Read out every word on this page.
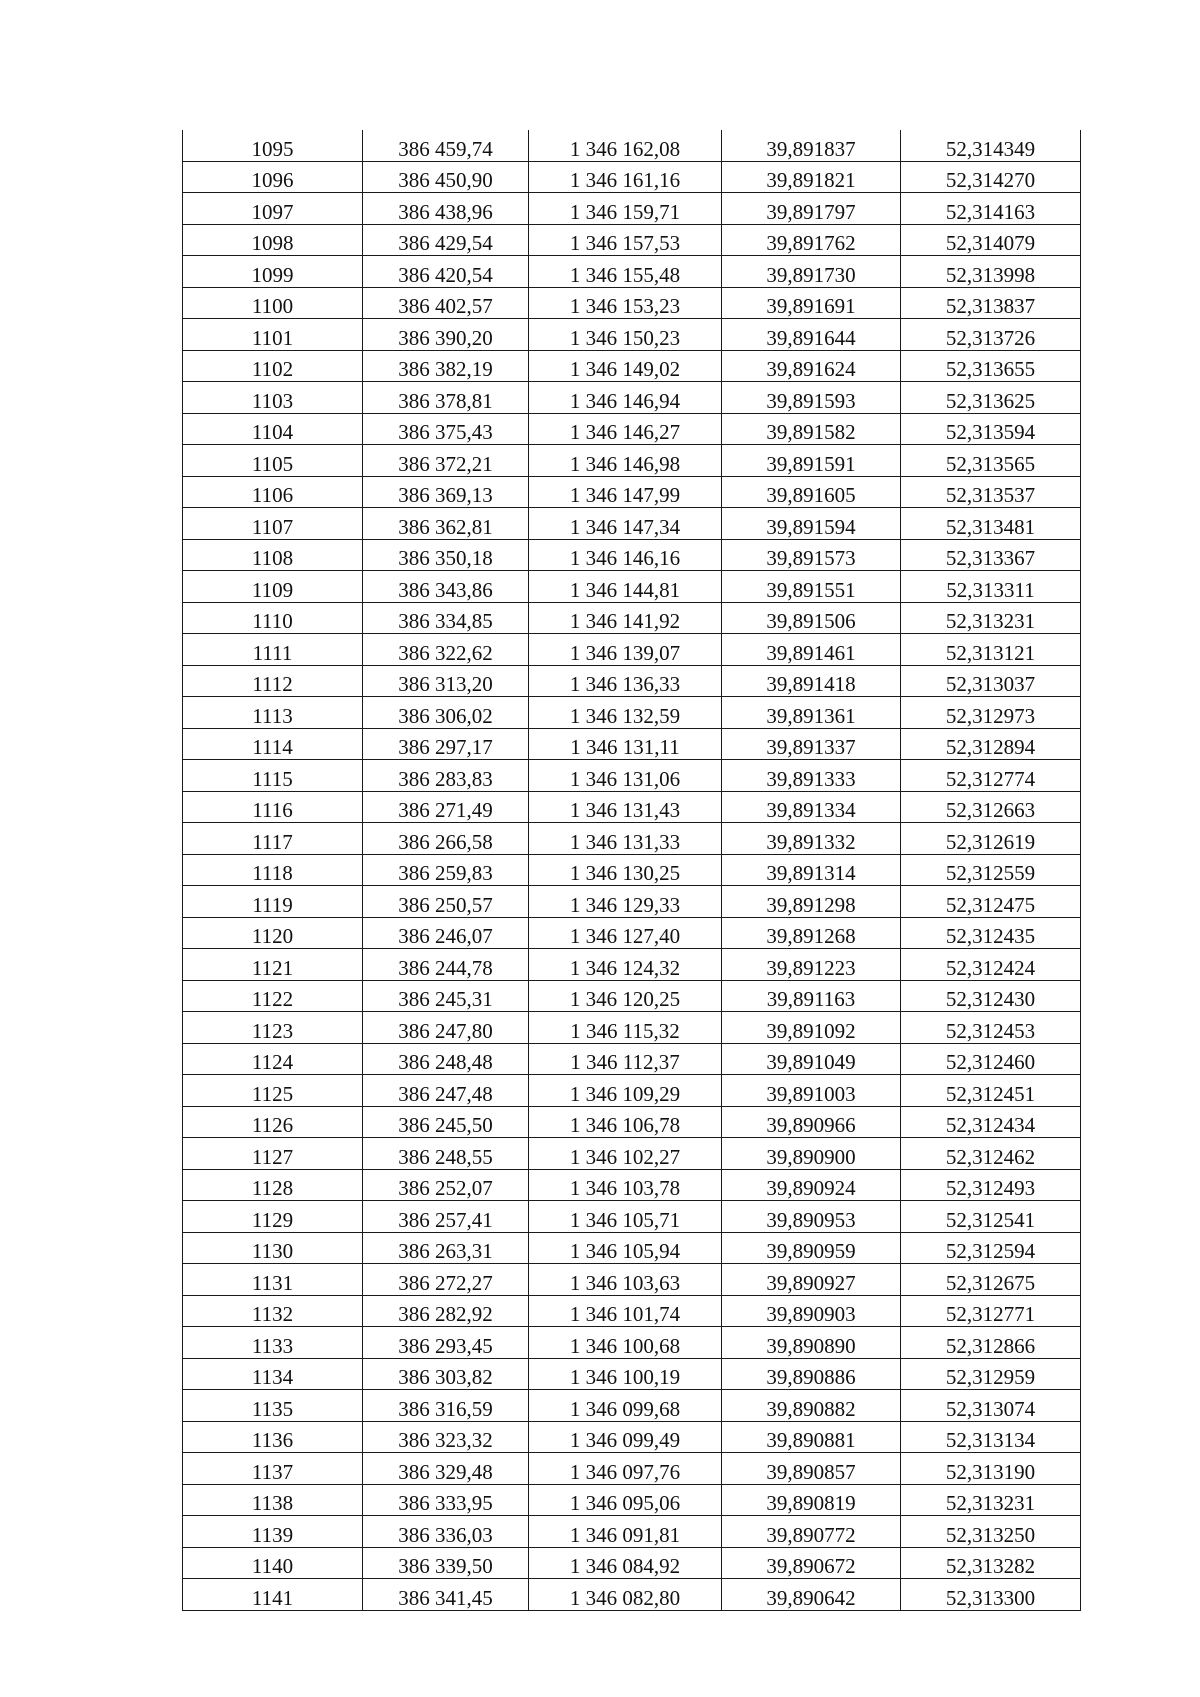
1095	386 459,74	1 346 162,08	39,891837	52,314349
1096	386 450,90	1 346 161,16	39,891821	52,314270
1097	386 438,96	1 346 159,71	39,891797	52,314163
1098	386 429,54	1 346 157,53	39,891762	52,314079
1099	386 420,54	1 346 155,48	39,891730	52,313998
1100	386 402,57	1 346 153,23	39,891691	52,313837
1101	386 390,20	1 346 150,23	39,891644	52,313726
1102	386 382,19	1 346 149,02	39,891624	52,313655
1103	386 378,81	1 346 146,94	39,891593	52,313625
1104	386 375,43	1 346 146,27	39,891582	52,313594
1105	386 372,21	1 346 146,98	39,891591	52,313565
1106	386 369,13	1 346 147,99	39,891605	52,313537
1107	386 362,81	1 346 147,34	39,891594	52,313481
1108	386 350,18	1 346 146,16	39,891573	52,313367
1109	386 343,86	1 346 144,81	39,891551	52,313311
1110	386 334,85	1 346 141,92	39,891506	52,313231
1111	386 322,62	1 346 139,07	39,891461	52,313121
1112	386 313,20	1 346 136,33	39,891418	52,313037
1113	386 306,02	1 346 132,59	39,891361	52,312973
1114	386 297,17	1 346 131,11	39,891337	52,312894
1115	386 283,83	1 346 131,06	39,891333	52,312774
1116	386 271,49	1 346 131,43	39,891334	52,312663
1117	386 266,58	1 346 131,33	39,891332	52,312619
1118	386 259,83	1 346 130,25	39,891314	52,312559
1119	386 250,57	1 346 129,33	39,891298	52,312475
1120	386 246,07	1 346 127,40	39,891268	52,312435
1121	386 244,78	1 346 124,32	39,891223	52,312424
1122	386 245,31	1 346 120,25	39,891163	52,312430
1123	386 247,80	1 346 115,32	39,891092	52,312453
1124	386 248,48	1 346 112,37	39,891049	52,312460
1125	386 247,48	1 346 109,29	39,891003	52,312451
1126	386 245,50	1 346 106,78	39,890966	52,312434
1127	386 248,55	1 346 102,27	39,890900	52,312462
1128	386 252,07	1 346 103,78	39,890924	52,312493
1129	386 257,41	1 346 105,71	39,890953	52,312541
1130	386 263,31	1 346 105,94	39,890959	52,312594
1131	386 272,27	1 346 103,63	39,890927	52,312675
1132	386 282,92	1 346 101,74	39,890903	52,312771
1133	386 293,45	1 346 100,68	39,890890	52,312866
1134	386 303,82	1 346 100,19	39,890886	52,312959
1135	386 316,59	1 346 099,68	39,890882	52,313074
1136	386 323,32	1 346 099,49	39,890881	52,313134
1137	386 329,48	1 346 097,76	39,890857	52,313190
1138	386 333,95	1 346 095,06	39,890819	52,313231
1139	386 336,03	1 346 091,81	39,890772	52,313250
1140	386 339,50	1 346 084,92	39,890672	52,313282
1141	386 341,45	1 346 082,80	39,890642	52,313300
